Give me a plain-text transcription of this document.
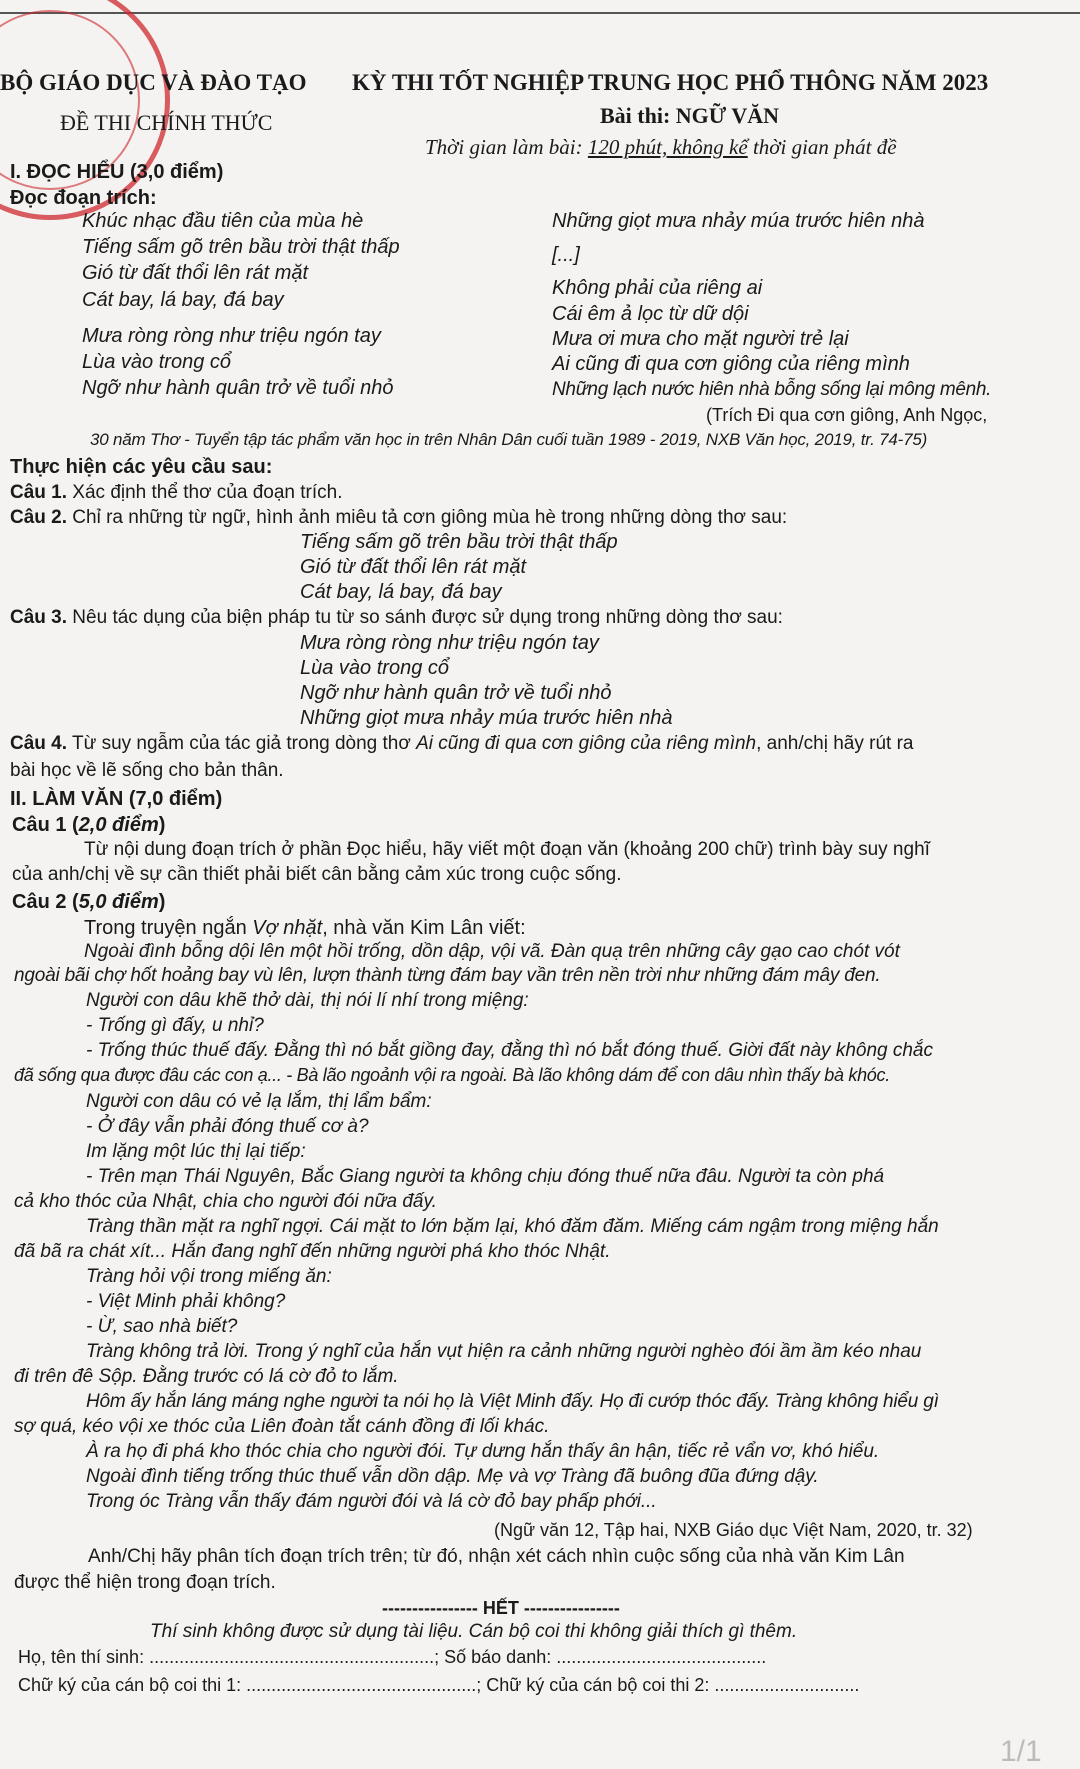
BỘ GIÁO DỤC VÀ ĐÀO TẠO KỲ THI TỐT NGHIỆP TRUNG HỌC PHỔ THÔNG NĂM 2023
ĐỀ THI CHÍNH THỨC	Bài thi: NGỮ VĂN
Thời gian làm bài: 120 phút, không kể thời gian phát đề
I. ĐỌC HIỂU (3,0 điểm)
Đọc đoạn trích:
Khúc nhạc đầu tiên của mùa hè
Tiếng sấm gõ trên bầu trời thật thấp
Gió từ đất thổi lên rát mặt
Cát bay, lá bay, đá bay
Mưa ròng ròng như triệu ngón tay
Lùa vào trong cổ
Ngỡ như hành quân trở về tuổi nhỏ
Những giọt mưa nhảy múa trước hiên nhà
[...]
Không phải của riêng ai
Cái êm ả lọc từ dữ dội
Mưa ơi mưa cho mặt người trẻ lại
Ai cũng đi qua cơn giông của riêng mình
Những lạch nước hiên nhà bỗng sống lại mông mênh.
(Trích Đi qua cơn giông, Anh Ngọc,
30 năm Thơ - Tuyển tập tác phẩm văn học in trên Nhân Dân cuối tuần 1989 - 2019, NXB Văn học, 2019, tr. 74-75)
Thực hiện các yêu cầu sau:
Câu 1. Xác định thể thơ của đoạn trích.
Câu 2. Chỉ ra những từ ngữ, hình ảnh miêu tả cơn giông mùa hè trong những dòng thơ sau:
Tiếng sấm gõ trên bầu trời thật thấp
Gió từ đất thổi lên rát mặt
Cát bay, lá bay, đá bay
Câu 3. Nêu tác dụng của biện pháp tu từ so sánh được sử dụng trong những dòng thơ sau:
Mưa ròng ròng như triệu ngón tay
Lùa vào trong cổ
Ngỡ như hành quân trở về tuổi nhỏ
Những giọt mưa nhảy múa trước hiên nhà
Câu 4. Từ suy ngẫm của tác giả trong dòng thơ Ai cũng đi qua cơn giông của riêng mình, anh/chị hãy rút ra
bài học về lẽ sống cho bản thân.
II. LÀM VĂN (7,0 điểm)
Câu 1 (2,0 điểm)
Từ nội dung đoạn trích ở phần Đọc hiểu, hãy viết một đoạn văn (khoảng 200 chữ) trình bày suy nghĩ
của anh/chị về sự cần thiết phải biết cân bằng cảm xúc trong cuộc sống.
Câu 2 (5,0 điểm)
Trong truyện ngắn Vợ nhặt, nhà văn Kim Lân viết:
Ngoài đình bỗng dội lên một hồi trống, dồn dập, vội vã. Đàn quạ trên những cây gạo cao chót vót
ngoài bãi chợ hốt hoảng bay vù lên, lượn thành từng đám bay vần trên nền trời như những đám mây đen.
Người con dâu khẽ thở dài, thị nói lí nhí trong miệng:
- Trống gì đấy, u nhỉ?
- Trống thúc thuế đấy. Đằng thì nó bắt giồng đay, đằng thì nó bắt đóng thuế. Giời đất này không chắc
đã sống qua được đâu các con ạ... - Bà lão ngoảnh vội ra ngoài. Bà lão không dám để con dâu nhìn thấy bà khóc.
Người con dâu có vẻ lạ lắm, thị lẩm bẩm:
- Ở đây vẫn phải đóng thuế cơ à?
Im lặng một lúc thị lại tiếp:
- Trên mạn Thái Nguyên, Bắc Giang người ta không chịu đóng thuế nữa đâu. Người ta còn phá
cả kho thóc của Nhật, chia cho người đói nữa đấy.
Tràng thần mặt ra nghĩ ngợi. Cái mặt to lớn bặm lại, khó đăm đăm. Miếng cám ngậm trong miệng hắn
đã bã ra chát xít... Hắn đang nghĩ đến những người phá kho thóc Nhật.
Tràng hỏi vội trong miếng ăn:
- Việt Minh phải không?
- Ừ, sao nhà biết?
Tràng không trả lời. Trong ý nghĩ của hắn vụt hiện ra cảnh những người nghèo đói ầm ầm kéo nhau
đi trên đê Sộp. Đằng trước có lá cờ đỏ to lắm.
Hôm ấy hắn láng máng nghe người ta nói họ là Việt Minh đấy. Họ đi cướp thóc đấy. Tràng không hiểu gì
sợ quá, kéo vội xe thóc của Liên đoàn tắt cánh đồng đi lối khác.
À ra họ đi phá kho thóc chia cho người đói. Tự dưng hắn thấy ân hận, tiếc rẻ vẩn vơ, khó hiểu.
Ngoài đình tiếng trống thúc thuế vẫn dồn dập. Mẹ và vợ Tràng đã buông đũa đứng dậy.
Trong óc Tràng vẫn thấy đám người đói và lá cờ đỏ bay phấp phới...
(Ngữ văn 12, Tập hai, NXB Giáo dục Việt Nam, 2020, tr. 32)
Anh/Chị hãy phân tích đoạn trích trên; từ đó, nhận xét cách nhìn cuộc sống của nhà văn Kim Lân
được thể hiện trong đoạn trích.
---------------- HẾT ----------------
Thí sinh không được sử dụng tài liệu. Cán bộ coi thi không giải thích gì thêm.
Họ, tên thí sinh: .........................................................; Số báo danh: ..........................................
Chữ ký của cán bộ coi thi 1: ..............................................; Chữ ký của cán bộ coi thi 2: .............................
1/1
